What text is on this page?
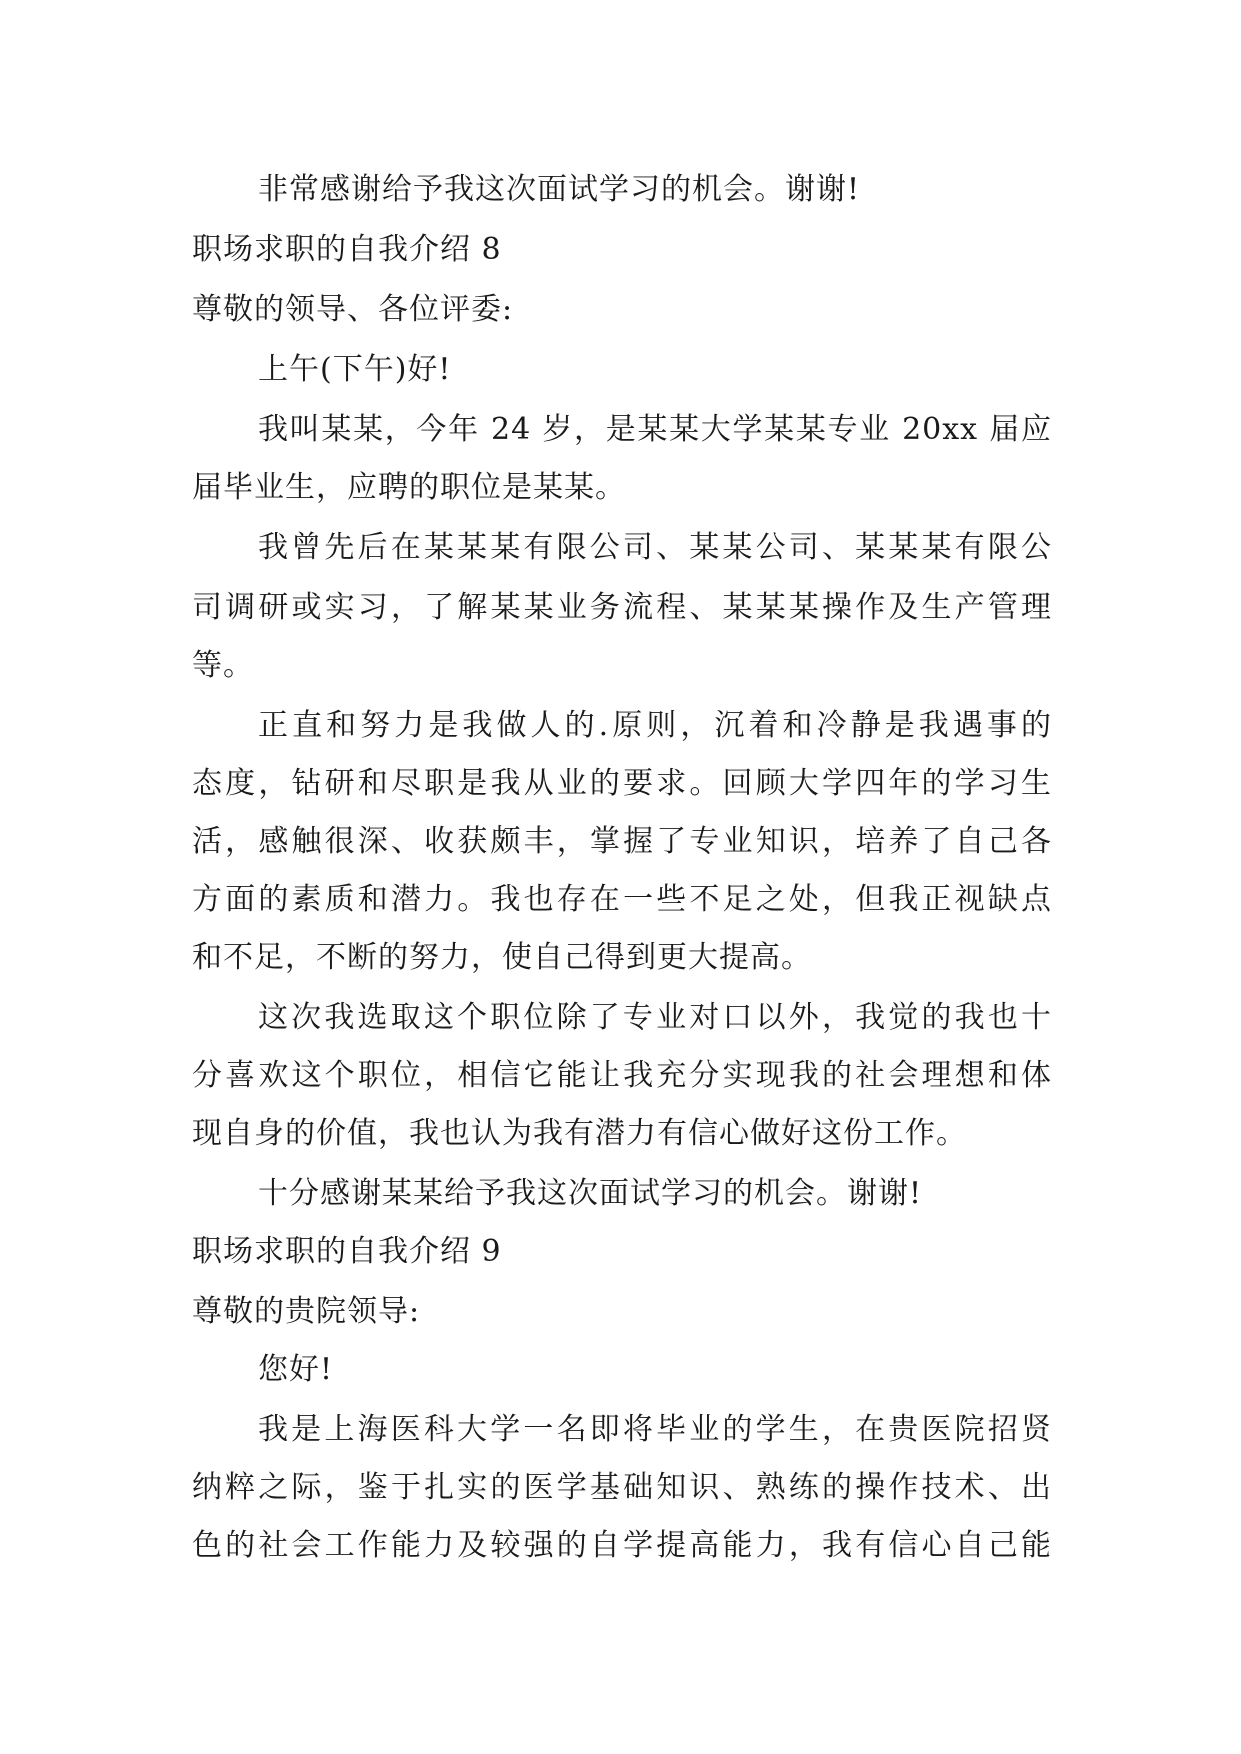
非常感谢给予我这次面试学习的机会。谢谢!
职场求职的自我介绍 8
尊敬的领导、各位评委:
上午(下午)好!
我叫某某，今年 24 岁，是某某大学某某专业 20xx 届应
届毕业生，应聘的职位是某某。
我曾先后在某某某有限公司、某某公司、某某某有限公
司调研或实习，了解某某业务流程、某某某操作及生产管理
等。
正直和努力是我做人的.原则，沉着和冷静是我遇事的
态度，钻研和尽职是我从业的要求。回顾大学四年的学习生
活，感触很深、收获颇丰，掌握了专业知识，培养了自己各
方面的素质和潜力。我也存在一些不足之处，但我正视缺点
和不足，不断的努力，使自己得到更大提高。
这次我选取这个职位除了专业对口以外，我觉的我也十
分喜欢这个职位，相信它能让我充分实现我的社会理想和体
现自身的价值，我也认为我有潜力有信心做好这份工作。
十分感谢某某给予我这次面试学习的机会。谢谢!
职场求职的自我介绍 9
尊敬的贵院领导:
您好!
我是上海医科大学一名即将毕业的学生，在贵医院招贤
纳粹之际，鉴于扎实的医学基础知识、熟练的操作技术、出
色的社会工作能力及较强的自学提高能力，我有信心自己能
